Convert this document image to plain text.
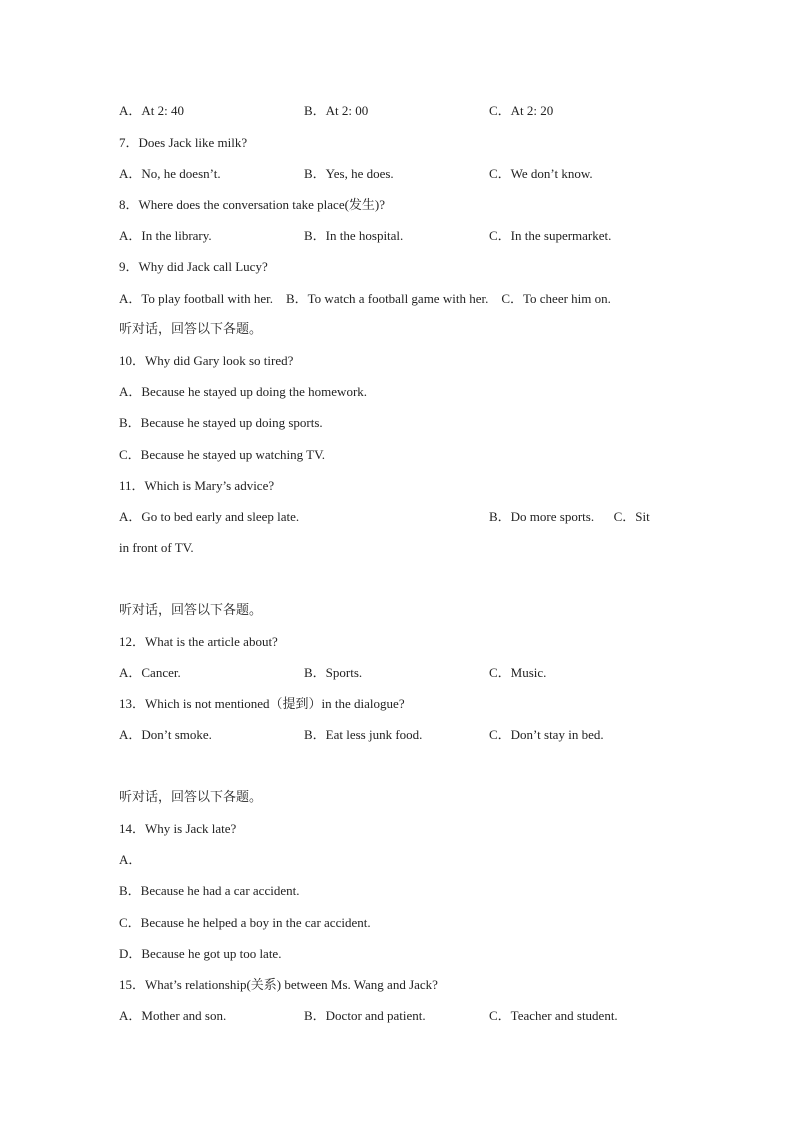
A．At 2: 40	B．At 2: 00	C．At 2: 20
7．Does Jack like milk?
A．No, he doesn’t.	B．Yes, he does.	C．We don’t know.
8．Where does the conversation take place(发生)?
A．In the library.	B．In the hospital.	C．In the supermarket.
9．Why did Jack call Lucy?
A．To play football with her.    B．To watch a football game with her.    C．To cheer him on.
听对话，回答以下各题。
10．Why did Gary look so tired?
A．Because he stayed up doing the homework.
B．Because he stayed up doing sports.
C．Because he stayed up watching TV.
11．Which is Mary’s advice?
A．Go to bed early and sleep late.	B．Do more sports.      C．Sit
in front of TV.
听对话，回答以下各题。
12．What is the article about?
A．Cancer.	B．Sports.	C．Music.
13．Which is not mentioned（提到）in the dialogue?
A．Don’t smoke.	B．Eat less junk food.	C．Don’t stay in bed.
听对话，回答以下各题。
14．Why is Jack late?
A．
B．Because he had a car accident.
C．Because he helped a boy in the car accident.
D．Because he got up too late.
15．What’s relationship(关系) between Ms. Wang and Jack?
A．Mother and son.	B．Doctor and patient.	C．Teacher and student.
